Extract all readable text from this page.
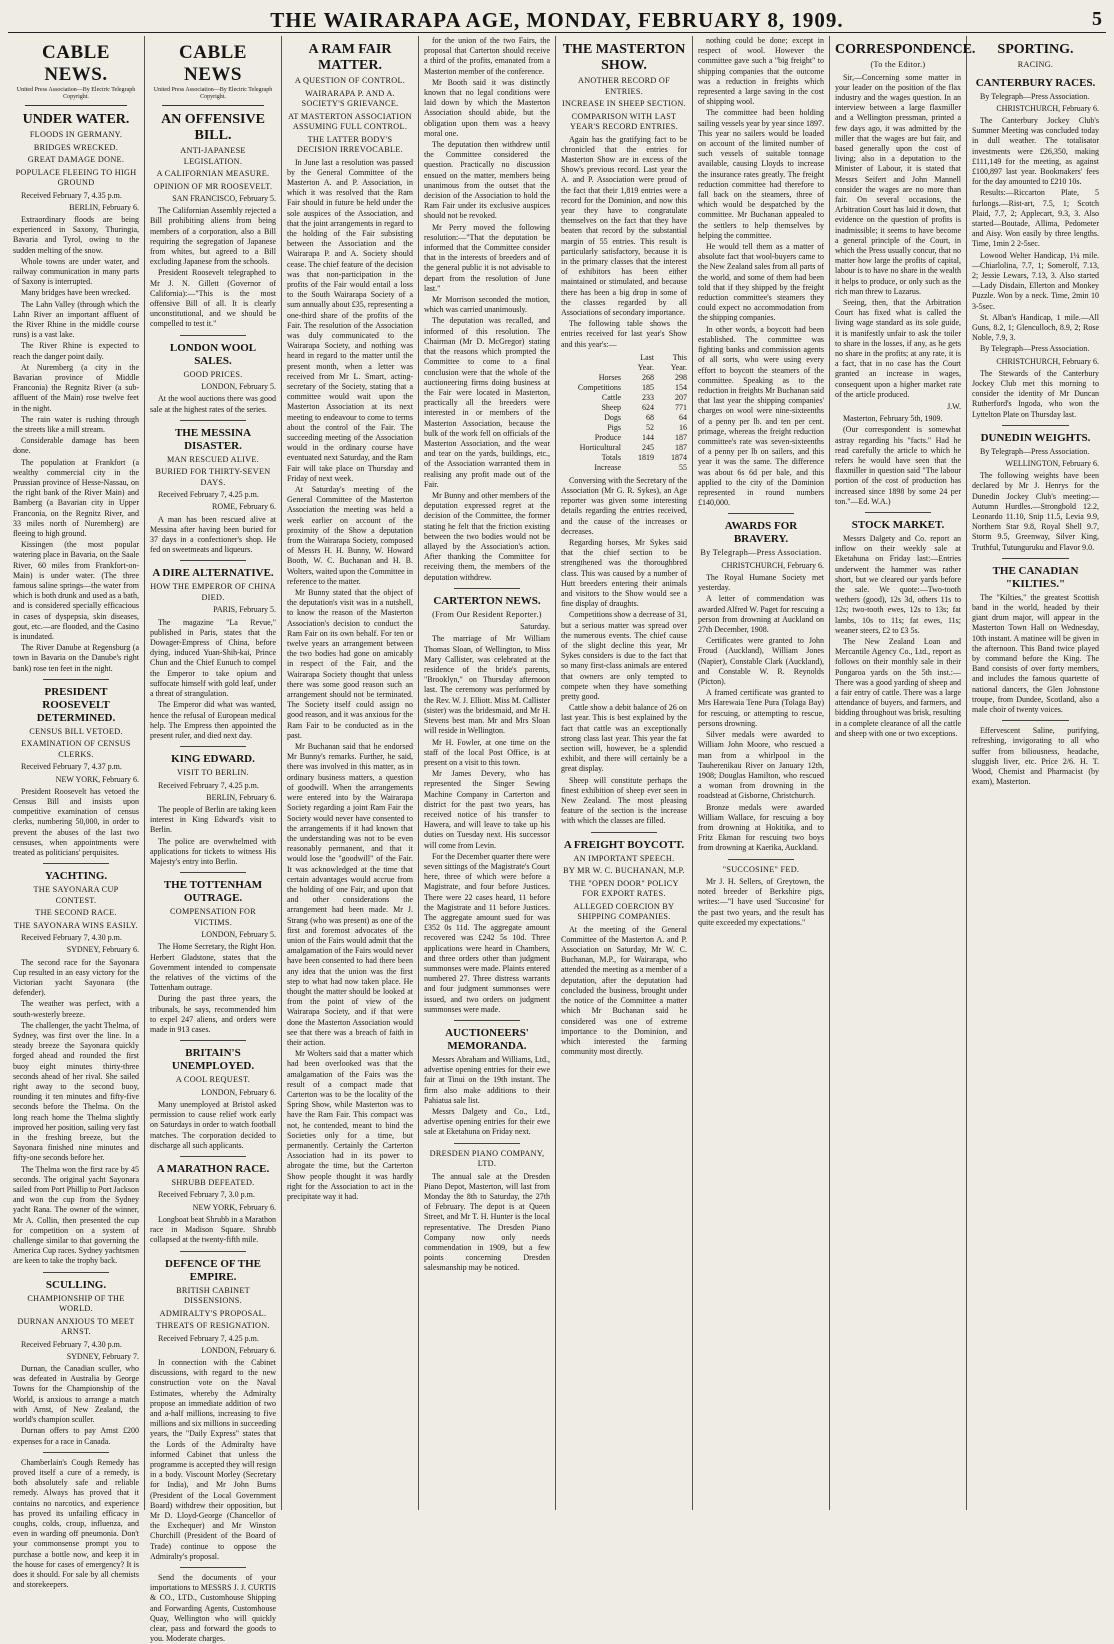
THE WAIRARAPA AGE, MONDAY, FEBRUARY 8, 1909.	5
CABLE NEWS.
United Press Association—By Electric Telegraph Copyright.
UNDER WATER.
FLOODS IN GERMANY.
BRIDGES WRECKED.
GREAT DAMAGE DONE.
POPULACE FLEEING TO HIGH GROUND
Received February 7, 4.35 p.m.
BERLIN, February 6.
Extraordinary floods are being experienced in Saxony, Thuringia, Bavaria and Tyrol, owing to the sudden melting of the snow.
Whole towns are under water, and railway communication in many parts of Saxony is interrupted.
Many bridges have been wrecked.
The Lahn Valley (through which the Lahn River an important affluent of the River Rhine in the middle course runs) is a vast lake.
The River Rhine is expected to reach the danger point daily.
At Nuremberg (a city in the Bavarian province of Middle Franconia) the Regnitz River (a sub-affluent of the Main) rose twelve feet in the night.
The rain water is rushing through the streets like a mill stream.
Considerable damage has been done.
The population at Frankfort (a wealthy commercial city in the Prussian province of Hesse-Nassau, on the right bank of the River Main) and Bamberg (a Bavarian city in Upper Franconia, on the Regnitz River, and 33 miles north of Nuremberg) are fleeing to high ground.
Kissingen (the most popular watering place in Bavaria, on the Saale River, 60 miles from Frankfort-on-Main) is under water. (The three famous saline springs—the water from which is both drunk and used as a bath, and is considered specially efficacious in cases of dyspepsia, skin diseases, gout, etc.—are flooded, and the Casino is inundated.
The River Danube at Regensburg (a town in Bavaria on the Danube's right bank) rose ten feet in the night.
PRESIDENT ROOSEVELT DETERMINED.
CENSUS BILL VETOED.
EXAMINATION OF CENSUS CLERKS.
Received February 7, 4.37 p.m.
NEW YORK, February 6.
President Roosevelt has vetoed the Census Bill and insists upon competitive examination of census clerks, numbering 50,000, in order to prevent the abuses of the last two censuses, when appointments were treated as politicians' perquisites.
YACHTING.
THE SAYONARA CUP CONTEST.
THE SECOND RACE.
THE SAYONARA WINS EASILY.
Received February 7, 4.30 p.m.
SYDNEY, February 6.
The second race for the Sayonara Cup resulted in an easy victory for the Victorian yacht Sayonara (the defender).
The weather was perfect, with a south-westerly breeze.
The challenger, the yacht Thelma, of Sydney, was first over the line. In a steady breeze the Sayonara quickly forged ahead and rounded the first buoy eight minutes thirty-three seconds ahead of her rival. She sailed right away to the second buoy, rounding it ten minutes and fifty-five seconds before the Thelma. On the long reach home the Thelma slightly improved her position, sailing very fast in the freshing breeze, but the Sayonara finished nine minutes and fifty-one seconds before her.
The Thelma won the first race by 45 seconds. The original yacht Sayonara sailed from Port Phillip to Port Jackson and won the cup from the Sydney yacht Rana. The owner of the winner, Mr A. Collin, then presented the cup for competition on a system of challenge similar to that governing the America Cup races. Sydney yachtsmen are keen to take the trophy back.
SCULLING.
CHAMPIONSHIP OF THE WORLD.
DURNAN ANXIOUS TO MEET ARNST.
Received February 7, 4.30 p.m.
SYDNEY, February 7.
Durnan, the Canadian sculler, who was defeated in Australia by George Towns for the Championship of the World, is anxious to arrange a match with Arnst, of New Zealand, the world's champion sculler.
Durnan offers to pay Arnst £200 expenses for a race in Canada.
Chamberlain's Cough Remedy has proved itself a cure of a remedy, is both absolutely safe and reliable remedy. Always has proved that it contains no narcotics, and experience has proved its unfailing efficacy in coughs, colds, croup, influenza, and even in warding off pneumonia. Don't your commonsense prompt you to purchase a bottle now, and keep it in the house for cases of emergency? It is does it should. For sale by all chemists and storekeepers.
CABLE NEWS
United Press Association—By Electric Telegraph Copyright.
AN OFFENSIVE BILL.
ANTI-JAPANESE LEGISLATION.
A CALIFORNIAN MEASURE.
OPINION OF MR ROOSEVELT.
SAN FRANCISCO, February 5.
The Californian Assembly rejected a Bill prohibiting aliens from being members of a corporation, also a Bill requiring the segregation of Japanese from whites, but agreed to a Bill excluding Japanese from the schools.
President Roosevelt telegraphed to Mr J. N. Gillett (Governor of California):—"This is the most offensive Bill of all. It is clearly unconstitutional, and we should be compelled to test it."
LONDON WOOL SALES.
GOOD PRICES.
LONDON, February 5.
At the wool auctions there was good sale at the highest rates of the series.
THE MESSINA DISASTER.
MAN RESCUED ALIVE.
BURIED FOR THIRTY-SEVEN DAYS.
Received February 7, 4.25 p.m.
ROME, February 6.
A man has been rescued alive at Messina after having been buried for 37 days in a confectioner's shop. He fed on sweetmeats and liqueurs.
A DIRE ALTERNATIVE.
HOW THE EMPEROR OF CHINA DIED.
PARIS, February 5.
The magazine "La Revue," published in Paris, states that the Dowager-Empress of China, before dying, induced Yuan-Shih-kai, Prince Chun and the Chief Eunuch to compel the Emperor to take opium and suffocate himself with gold leaf, under a threat of strangulation.
The Emperor did what was wanted, hence the refusal of European medical help. The Empress then appointed the present ruler, and died next day.
KING EDWARD.
VISIT TO BERLIN.
Received February 7, 4.25 p.m.
BERLIN, February 6.
The people of Berlin are taking keen interest in King Edward's visit to Berlin.
The police are overwhelmed with applications for tickets to witness His Majesty's entry into Berlin.
THE TOTTENHAM OUTRAGE.
COMPENSATION FOR VICTIMS.
LONDON, February 5.
The Home Secretary, the Right Hon. Herbert Gladstone, states that the Government intended to compensate the relatives of the victims of the Tottenham outrage.
During the past three years, the tribunals, he says, recommended him to expel 247 aliens, and orders were made in 913 cases.
BRITAIN'S UNEMPLOYED.
A COOL REQUEST.
LONDON, February 6.
Many unemployed at Bristol asked permission to cause relief work early on Saturdays in order to watch football matches. The corporation decided to discharge all such applicants.
A MARATHON RACE.
SHRUBB DEFEATED.
Received February 7, 3.0 p.m.
NEW YORK, February 6.
Longboat beat Shrubb in a Marathon race in Madison Square. Shrubb collapsed at the twenty-fifth mile.
DEFENCE OF THE EMPIRE.
BRITISH CABINET DISSENSIONS.
ADMIRALTY'S PROPOSAL.
THREATS OF RESIGNATION.
Received February 7, 4.25 p.m.
LONDON, February 6.
In connection with the Cabinet discussions, with regard to the new construction vote on the Naval Estimates, whereby the Admiralty propose an immediate addition of two and a-half millions, increasing to five millions and six millions in succeeding years, the "Daily Express" states that the Lords of the Admiralty have informed Cabinet that unless the programme is accepted they will resign in a body. Viscount Morley (Secretary for India), and Mr John Burns (President of the Local Government Board) withdrew their opposition, but Mr D. Lloyd-George (Chancellor of the Exchequer) and Mr Winston Churchill (President of the Board of Trade) continue to oppose the Admiralty's proposal.
Send the documents of your importations to MESSRS J. J. CURTIS & CO., LTD., Customhouse Shipping and Forwarding Agents, Customhouse Quay, Wellington who will quickly clear, pass and forward the goods to you. Moderate charges.
A RAM FAIR MATTER.
A QUESTION OF CONTROL.
WAIRARAPA P. AND A. SOCIETY'S GRIEVANCE.
AT MASTERTON ASSOCIATION ASSUMING FULL CONTROL.
THE LATTER BODY'S DECISION IRREVOCABLE.
In June last a resolution was passed by the General Committee of the Masterton A. and P. Association, in which it was resolved that the Ram Fair should in future be held under the sole auspices of the Association, and that the joint arrangements in regard to the holding of the Fair subsisting between the Association and the Wairarapa P. and A. Society should cease. The chief feature of the decision was that non-participation in the profits of the Fair would entail a loss to the South Wairarapa Society of a sum annually about £35, representing a one-third share of the profits of the Fair. The resolution of the Association was duly communicated to the Wairarapa Society, and nothing was heard in regard to the matter until the present month, when a letter was received from Mr L. Smart, acting-secretary of the Society, stating that a committee would wait upon the Masterton Association at its next meeting to endeavour to come to terms about the control of the Fair. The succeeding meeting of the Association would in the ordinary course have eventuated next Saturday, and the Ram Fair will take place on Thursday and Friday of next week.
At Saturday's meeting of the General Committee of the Masterton Association the meeting was held a week earlier on account of the proximity of the Show a deputation from the Wairarapa Society, composed of Messrs H. H. Bunny, W. Howard Booth, W. C. Buchanan and H. B. Wolters, waited upon the Committee in reference to the matter.
Mr Bunny stated that the object of the deputation's visit was in a nutshell, to know the reason of the Masterton Association's decision to conduct the Ram Fair on its own behalf. For ten or twelve years an arrangement between the two bodies had gone on amicably in respect of the Fair, and the Wairarapa Society thought that unless there was some good reason such an arrangement should not be terminated. The Society itself could assign no good reason, and it was anxious for the Ram Fair to be conducted as in the past.
Mr Buchanan said that he endorsed Mr Bunny's remarks. Further, he said, there was involved in this matter, as in ordinary business matters, a question of goodwill. When the arrangements were entered into by the Wairarapa Society regarding a joint Ram Fair the Society would never have consented to the arrangements if it had known that the understanding was not to be even reasonably permanent, and that it would lose the "goodwill" of the Fair. It was acknowledged at the time that certain advantages would accrue from the holding of one Fair, and upon that and other considerations the arrangement had been made. Mr J. Strang (who was present) as one of the first and foremost advocates of the union of the Fairs would admit that the amalgamation of the Fairs would never have been consented to had there been any idea that the union was the first step to what had now taken place. He thought the matter should be looked at from the point of view of the Wairarapa Society, and if that were done the Masterton Association would see that there was a breach of faith in their action.
Mr Wolters said that a matter which had been overlooked was that the amalgamation of the Fairs was the result of a compact made that Carterton was to be the locality of the Spring Show, while Masterton was to have the Ram Fair. This compact was not, he contended, meant to bind the Societies only for a time, but permanently. Certainly the Carterton Association had in its power to abrogate the time, but the Carterton Show people thought it was hardly right for the Association to act in the precipitate way it had.
for the union of the two Fairs, the proposal that Carterton should receive a third of the profits, emanated from a Masterton member of the conference.
Mr Booth said it was distinctly known that no legal conditions were laid down by which the Masterton Association should abide, but the obligation upon them was a heavy moral one.
The deputation then withdrew until the Committee considered the question. Practically no discussion ensued on the matter, members being unanimous from the outset that the decision of the Association to hold the Ram Fair under its exclusive auspices should not be revoked.
Mr Perry moved the following resolution:—"That the deputation be informed that the Committee consider that in the interests of breeders and of the general public it is not advisable to depart from the resolution of June last."
Mr Morrison seconded the motion, which was carried unanimously.
The deputation was recalled, and informed of this resolution. The Chairman (Mr D. McGregor) stating that the reasons which prompted the Committee to come to a final conclusion were that the whole of the auctioneering firms doing business at the Fair were located in Masterton, practically all the breeders were interested in or members of the Masterton Association, because the bulk of the work fell on officials of the Masterton Association, and the wear and tear on the yards, buildings, etc., of the Association warranted them in realising any profit made out of the Fair.
Mr Bunny and other members of the deputation expressed regret at the decision of the Committee, the former stating he felt that the friction existing between the two bodies would not be allayed by the Association's action. After thanking the Committee for receiving them, the members of the deputation withdrew.
CARTERTON NEWS.
(From Our Resident Reporter.)
Saturday.
The marriage of Mr William Thomas Sloan, of Wellington, to Miss Mary Callister, was celebrated at the residence of the bride's parents, "Brooklyn," on Thursday afternoon last. The ceremony was performed by the Rev. W. J. Elliott. Miss M. Callister (sister) was the bridesmaid, and Mr H. Stevens best man. Mr and Mrs Sloan will reside in Wellington.
Mr H. Fowler, at one time on the staff of the local Post Office, is at present on a visit to this town.
Mr James Devery, who has represented the Singer Sewing Machine Company in Carterton and district for the past two years, has received notice of his transfer to Hawera, and will leave to take up his duties on Tuesday next. His successor will come from Levin.
For the December quarter there were seven sittings of the Magistrate's Court here, three of which were before a Magistrate, and four before Justices. There were 22 cases heard, 11 before the Magistrate and 11 before Justices. The aggregate amount sued for was £352 0s 11d. The aggregate amount recovered was £242 5s 10d. Three applications were heard in Chambers, and three orders other than judgment summonses were made. Plaints entered numbered 27. Three distress warrants and four judgment summonses were issued, and two orders on judgment summonses were made.
AUCTIONEERS' MEMORANDA.
Messrs Abraham and Williams, Ltd., advertise opening entries for their ewe fair at Tinui on the 19th instant. The firm also make additions to their Pahiatua sale list.
Messrs Dalgety and Co., Ltd., advertise opening entries for their ewe sale at Eketahuna on Friday next.
DRESDEN PIANO COMPANY, LTD.
The annual sale at the Dresden Piano Depot, Masterton, will last from Monday the 8th to Saturday, the 27th of February. The depot is at Queen Street, and Mr T. H. Hunter is the local representative. The Dresden Piano Company now only needs commendation in 1909, but a few points concerning Dresden salesmanship may be noticed.
THE MASTERTON SHOW.
ANOTHER RECORD OF ENTRIES.
INCREASE IN SHEEP SECTION.
COMPARISON WITH LAST YEAR'S RECORD ENTRIES.
Again has the gratifying fact to be chronicled that the entries for Masterton Show are in excess of the Show's previous record. Last year the A. and P. Association were proud of the fact that their 1,819 entries were a record for the Dominion, and now this year they have to congratulate themselves on the fact that they have beaten that record by the substantial margin of 55 entries. This result is particularly satisfactory, because it is in the primary classes that the interest of exhibitors has been either maintained or stimulated, and because there has been a big drop in some of the classes regarded by all Associations of secondary importance.
The following table shows the entries received for last year's Show and this year's:—
Last Year.
This Year.
Horses	268	298
Competitions	185	154
Cattle	233	207
Sheep	624	771
Dogs	68	64
Pigs	52	16
Produce	144	187
Horticultural	245	187
Totals	1819	1874
Increase	55
Conversing with the Secretary of the Association (Mr G. R. Sykes), an Age reporter was given some interesting details regarding the entries received, and the cause of the increases or decreases.
Regarding horses, Mr Sykes said that the chief section to be strengthened was the thoroughbred class. This was caused by a number of Hutt breeders entering their animals and visitors to the Show would see a fine display of draughts.
Competitions show a decrease of 31, but a serious matter was spread over the numerous events. The chief cause of the slight decline this year, Mr Sykes considers is due to the fact that so many first-class animals are entered that owners are only tempted to compete when they have something pretty good.
Cattle show a debit balance of 26 on last year. This is best explained by the fact that cattle was an exceptionally strong class last year. This year the fat section will, however, be a splendid exhibit, and there will certainly be a great display.
Sheep will constitute perhaps the finest exhibition of sheep ever seen in New Zealand. The most pleasing feature of the section is the increase with which the classes are filled.
A FREIGHT BOYCOTT.
AN IMPORTANT SPEECH.
BY MR W. C. BUCHANAN, M.P.
THE "OPEN DOOR" POLICY FOR EXPORT RATES.
ALLEGED COERCION BY SHIPPING COMPANIES.
At the meeting of the General Committee of the Masterton A. and P. Association on Saturday, Mr W. C. Buchanan, M.P., for Wairarapa, who attended the meeting as a member of a deputation, after the deputation had concluded the business, brought under the notice of the Committee a matter which Mr Buchanan said he considered was one of extreme importance to the Dominion, and which interested the farming community most directly.
nothing could be done; except in respect of wool. However the committee gave such a "big freight" to shipping companies that the outcome was a reduction in freights which represented a large saving in the cost of shipping wool.
The committee had been holding sailing vessels year by year since 1897. This year no sailers would be loaded on account of the limited number of such vessels of suitable tonnage available, causing Lloyds to increase the insurance rates greatly. The freight reduction committee had therefore to fall back on the steamers, three of which would be despatched by the committee. Mr Buchanan appealed to the settlers to help themselves by helping the committee.
He would tell them as a matter of absolute fact that wool-buyers came to the New Zealand sales from all parts of the world, and some of them had been told that if they shipped by the freight reduction committee's steamers they could expect no accommodation from the shipping companies.
In other words, a boycott had been established. The committee was fighting banks and commission agents of all sorts, who were using every effort to boycott the steamers of the committee. Speaking as to the reduction in freights Mr Buchanan said that last year the shipping companies' charges on wool were nine-sixteenths of a penny per lb. and ten per cent. primage, whereas the freight reduction committee's rate was seven-sixteenths of a penny per lb on sailers, and this year it was the same. The difference was about 6s 6d per bale, and this applied to the city of the Dominion represented in round numbers £140,000.
AWARDS FOR BRAVERY.
By Telegraph—Press Association.
CHRISTCHURCH, February 6.
The Royal Humane Society met yesterday.
A letter of commendation was awarded Alfred W. Paget for rescuing a person from drowning at Auckland on 27th December, 1908.
Certificates were granted to John Froud (Auckland), William Jones (Napier), Constable Clark (Auckland), and Constable W. R. Reynolds (Picton).
A framed certificate was granted to Mrs Harewaia Tene Pura (Tolaga Bay) for rescuing, or attempting to rescue, persons drowning.
Silver medals were awarded to William John Moore, who rescued a man from a whirlpool in the Tauherenikau River on January 12th, 1908; Douglas Hamilton, who rescued a woman from drowning in the roadstead at Gisborne, Christchurch.
Bronze medals were awarded William Wallace, for rescuing a boy from drowning at Hokitika, and to Fritz Ekman for rescuing two boys from drowning at Kaerika, Auckland.
"SUCCOSINE" FED.
Mr J. H. Sellers, of Greytown, the noted breeder of Berkshire pigs, writes:—"I have used 'Succosine' for the past two years, and the result has quite exceeded my expectations."
CORRESPONDENCE.
(To the Editor.)
Sir,—Concerning some matter in your leader on the position of the flax industry and the wages question. In an interview between a large flaxmiller and a Wellington pressman, printed a few days ago, it was admitted by the miller that the wages are but fair, and based generally upon the cost of living; also in a deputation to the Minister of Labour, it is stated that Messrs Seifert and John Mannell consider the wages are no more than fair. On several occasions, the Arbitration Court has laid it down, that evidence on the question of profits is inadmissible; it seems to have become a general principle of the Court, in which the Press usually concur, that no matter how large the profits of capital, labour is to have no share in the wealth it helps to produce, or only such as the rich man threw to Lazarus.
Seeing, then, that the Arbitration Court has fixed what is called the living wage standard as its sole guide, it is manifestly unfair to ask the toiler to share in the losses, if any, as he gets no share in the profits; at any rate, it is a fact, that in no case has the Court granted an increase in wages, consequent upon a higher market rate of the article produced.
J.W.
Masterton, February 5th, 1909.
(Our correspondent is somewhat astray regarding his "facts." Had he read carefully the article to which he refers he would have seen that the flaxmiller in question said "The labour portion of the cost of production has increased since 1898 by some 24 per ton."—Ed. W.A.)
STOCK MARKET.
Messrs Dalgety and Co. report an inflow on their weekly sale at Eketahuna on Friday last:—Entries underwent the hammer was rather short, but we cleared our yards before the sale. We quote:—Two-tooth wethers (good), 12s 3d, others 11s to 12s; two-tooth ewes, 12s to 13s; fat lambs, 10s to 11s; fat ewes, 11s; weaner steers, £2 to £3 5s.
The New Zealand Loan and Mercantile Agency Co., Ltd., report as follows on their monthly sale in their Pongaroa yards on the 5th inst.:—There was a good yarding of sheep and a fair entry of cattle. There was a large attendance of buyers, and farmers, and bidding throughout was brisk, resulting in a complete clearance of all the cattle and sheep with one or two exceptions.
SPORTING.
RACING.
CANTERBURY RACES.
By Telegraph—Press Association.
CHRISTCHURCH, February 6.
The Canterbury Jockey Club's Summer Meeting was concluded today in dull weather. The totalisator investments were £26,350, making £111,149 for the meeting, as against £100,897 last year. Bookmakers' fees for the day amounted to £210 10s.
Results:—Riccarton Plate, 5 furlongs.—Rist-art, 7.5, 1; Scotch Plaid, 7.7, 2; Applecart, 9.3, 3. Also started—Boutade, Allima, Pedometer and Aisy. Won easily by three lengths. Time, 1min 2 2-5sec.
Lowood Welter Handicap, 1¼ mile.—Chiarlolina, 7.7, 1; Somerolf, 7.13, 2; Jessie Lewars, 7.13, 3. Also started—Lady Disdain, Ellerton and Monkey Puzzle. Won by a neck. Time, 2min 10 3-5sec.
St. Alban's Handicap, 1 mile.—All Guns, 8.2, 1; Glenculloch, 8.9, 2; Rose Noble, 7.9, 3.
By Telegraph—Press Association.
CHRISTCHURCH, February 6.
The Stewards of the Canterbury Jockey Club met this morning to consider the identity of Mr Duncan Rutherford's Ingoda, who won the Lyttelton Plate on Thursday last.
DUNEDIN WEIGHTS.
By Telegraph—Press Association.
WELLINGTON, February 6.
The following weights have been declared by Mr J. Henrys for the Dunedin Jockey Club's meeting:—Autumn Hurdles.—Strongbold 12.2, Leonardo 11.10, Snip 11.5, Levia 9.9, Northern Star 9.8, Royal Shell 9.7, Storm 9.5, Greenway, Silver King, Truthful, Tutunguruku and Flavor 9.0.
THE CANADIAN "KILTIES."
The "Kilties," the greatest Scottish band in the world, headed by their giant drum major, will appear in the Masterton Town Hall on Wednesday, 10th instant. A matinee will be given in the afternoon. This Band twice played by command before the King. The Band consists of over forty members, and includes the famous quartette of national dancers, the Glen Johnstone troupe, from Dundee, Scotland, also a male choir of twenty voices.
Effervescent Saline, purifying, refreshing, invigorating to all who suffer from biliousness, headache, sluggish liver, etc. Price 2/6. H. T. Wood, Chemist and Pharmacist (by exam), Masterton.
